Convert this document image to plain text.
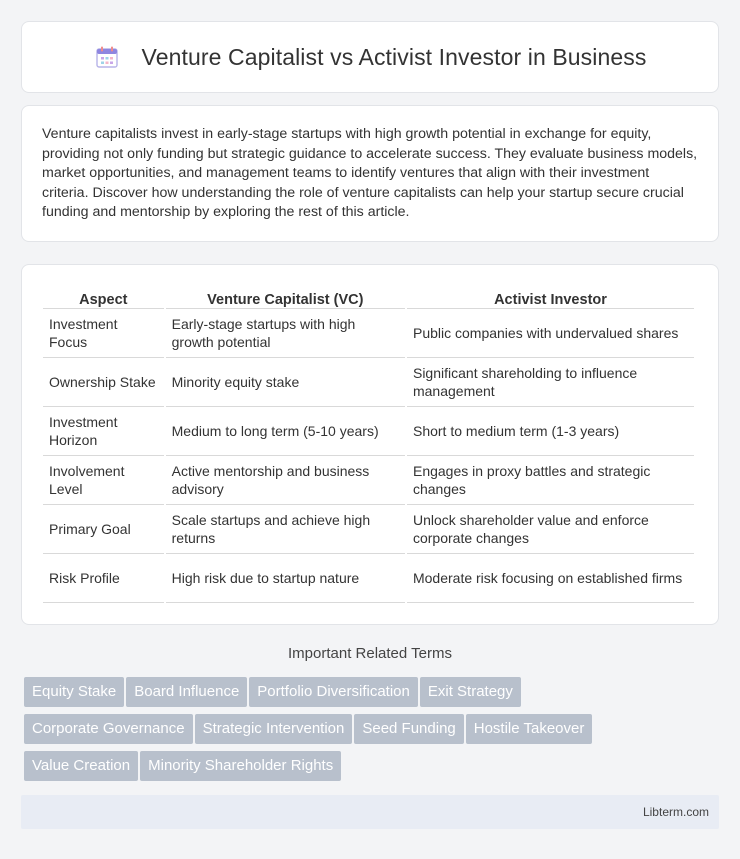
Venture Capitalist vs Activist Investor in Business

Venture capitalists invest in early-stage startups with high growth potential in exchange for equity, providing not only funding but strategic guidance to accelerate success. They evaluate business models, market opportunities, and management teams to identify ventures that align with their investment criteria. Discover how understanding the role of venture capitalists can help your startup secure crucial funding and mentorship by exploring the rest of this article.

Aspect	Venture Capitalist (VC)	Activist Investor
Investment Focus	Early-stage startups with high growth potential	Public companies with undervalued shares
Ownership Stake	Minority equity stake	Significant shareholding to influence management
Investment Horizon	Medium to long term (5-10 years)	Short to medium term (1-3 years)
Involvement Level	Active mentorship and business advisory	Engages in proxy battles and strategic changes
Primary Goal	Scale startups and achieve high returns	Unlock shareholder value and enforce corporate changes
Risk Profile	High risk due to startup nature	Moderate risk focusing on established firms
Important Related Terms
Equity Stake Board Influence Portfolio Diversification Exit Strategy
Corporate Governance Strategic Intervention Seed Funding Hostile Takeover
Value Creation Minority Shareholder Rights
Libterm.com
